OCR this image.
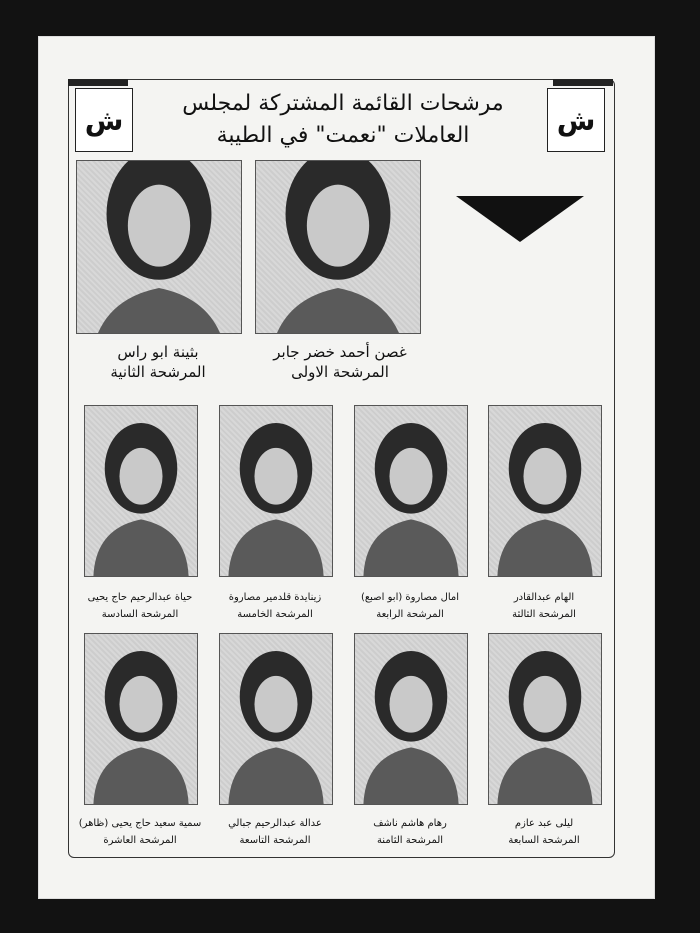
ش	ش
مرشحات القائمة المشتركة لمجلس
العاملات "نعمت" في الطيبة
بثينة ابو راس
المرشحة الثانية
غصن أحمد خضر جابر
المرشحة الاولى
حياة عبدالرحيم حاج يحيى
المرشحة السادسة
زينايدة قلدمير مصاروة
المرشحة الخامسة
امال مصاروة (ابو اصبع)
المرشحة الرابعة
الهام عبدالقادر
المرشحة الثالثة
سمية سعيد حاج يحيى (ظاهر)
المرشحة العاشرة
عدالة عبدالرحيم جبالي
المرشحة التاسعة
رهام هاشم ناشف
المرشحة الثامنة
ليلى عبد عازم
المرشحة السابعة
